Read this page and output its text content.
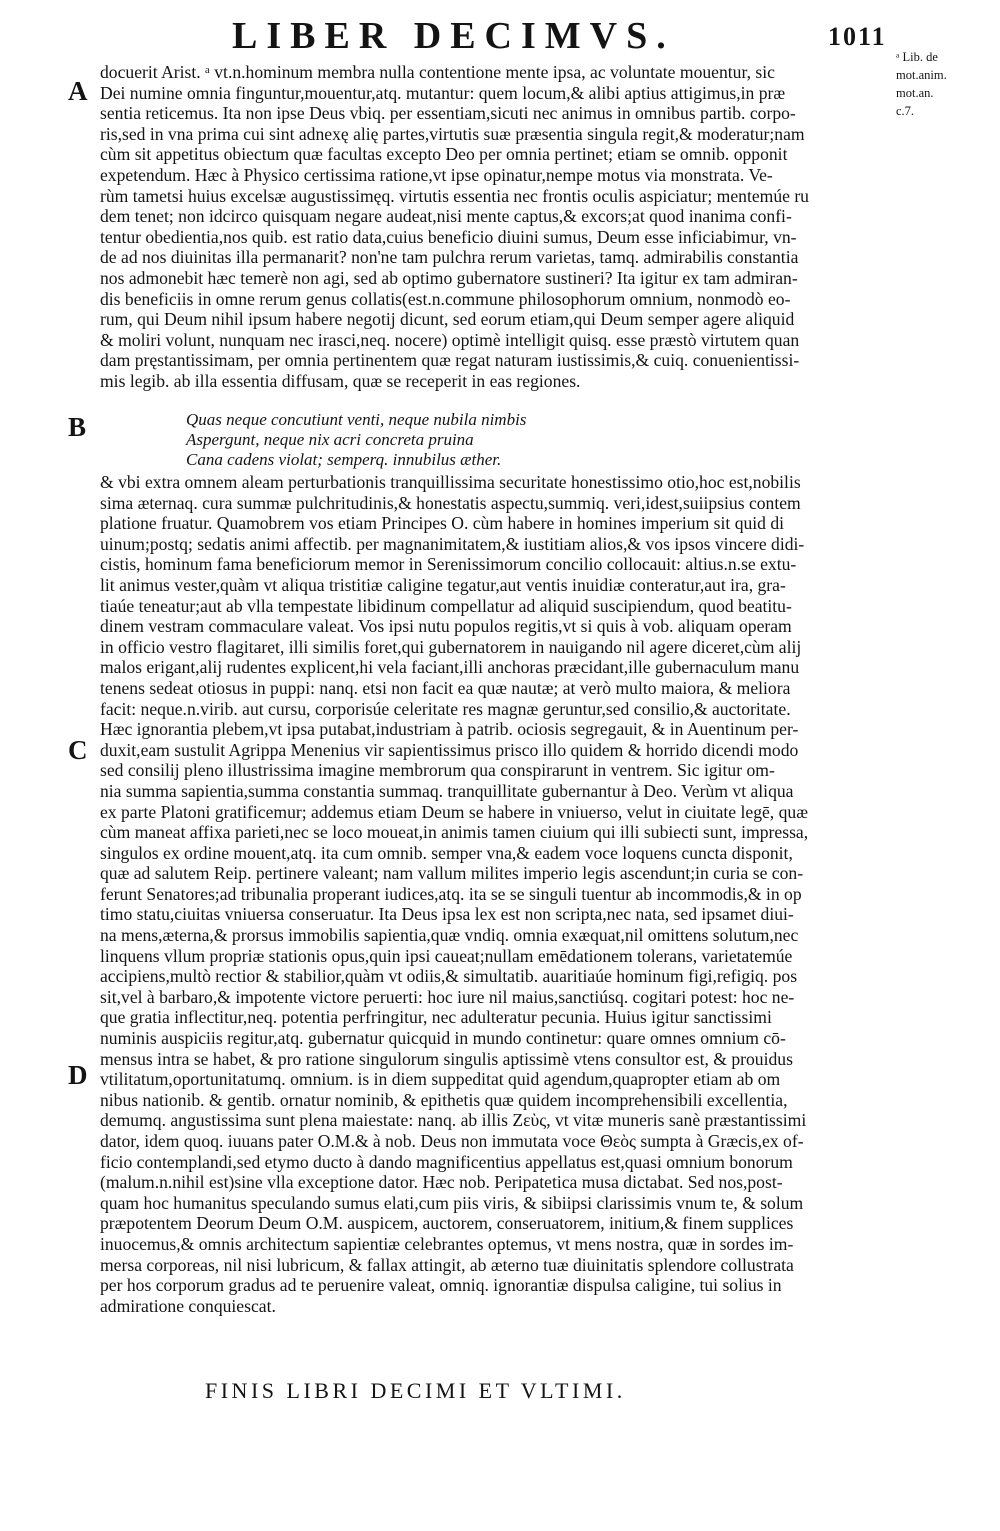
LIBER DECIMVS.	1011
ᵃ Lib. de
mot.anim.
mot.an.
c.7.
A
B
C
D
docuerit Arist. ᵃ vt.n.hominum membra nulla contentione mente ipsa, ac voluntate mouentur, sic
Dei numine omnia finguntur,mouentur,atq. mutantur: quem locum,& alibi aptius attigimus,in præ
sentia reticemus. Ita non ipse Deus vbiq. per essentiam,sicuti nec animus in omnibus partib. corpo-
ris,sed in vna prima cui sint adnexę alię partes,virtutis suæ præsentia singula regit,& moderatur;nam
cùm sit appetitus obiectum quæ facultas excepto Deo per omnia pertinet; etiam se omnib. opponit
expetendum. Hæc à Physico certissima ratione,vt ipse opinatur,nempe motus via monstrata. Ve-
rùm tametsi huius excelsæ augustissimęq. virtutis essentia nec frontis oculis aspiciatur; mentemúe ru
dem tenet; non idcirco quisquam negare audeat,nisi mente captus,& excors;at quod inanima confi-
tentur obedientia,nos quib. est ratio data,cuius beneficio diuini sumus, Deum esse inficiabimur, vn-
de ad nos diuinitas illa permanarit? non'ne tam pulchra rerum varietas, tamq. admirabilis constantia
nos admonebit hæc temerè non agi, sed ab optimo gubernatore sustineri? Ita igitur ex tam admiran-
dis beneficiis in omne rerum genus collatis(est.n.commune philosophorum omnium, nonmodò eo-
rum, qui Deum nihil ipsum habere negotij dicunt, sed eorum etiam,qui Deum semper agere aliquid
& moliri volunt, nunquam nec irasci,neq. nocere) optimè intelligit quisq. esse præstò virtutem quan
dam pręstantissimam, per omnia pertinentem quæ regat naturam iustissimis,& cuiq. conuenientissi-
mis legib. ab illa essentia diffusam, quæ se receperit in eas regiones.
Quas neque concutiunt venti, neque nubila nimbis
Aspergunt, neque nix acri concreta pruina
Cana cadens violat; semperq. innubilus æther.
& vbi extra omnem aleam perturbationis tranquillissima securitate honestissimo otio,hoc est,nobilis
sima æternaq. cura summæ pulchritudinis,& honestatis aspectu,summiq. veri,idest,suiipsius contem
platione fruatur. Quamobrem vos etiam Principes O. cùm habere in homines imperium sit quid di
uinum;postq; sedatis animi affectib. per magnanimitatem,& iustitiam alios,& vos ipsos vincere didi-
cistis, hominum fama beneficiorum memor in Serenissimorum concilio collocauit: altius.n.se extu-
lit animus vester,quàm vt aliqua tristitiæ caligine tegatur,aut ventis inuidiæ conteratur,aut ira, gra-
tiaúe teneatur;aut ab vlla tempestate libidinum compellatur ad aliquid suscipiendum, quod beatitu-
dinem vestram commaculare valeat. Vos ipsi nutu populos regitis,vt si quis à vob. aliquam operam
in officio vestro flagitaret, illi similis foret,qui gubernatorem in nauigando nil agere diceret,cùm alij
malos erigant,alij rudentes explicent,hi vela faciant,illi anchoras præcidant,ille gubernaculum manu
tenens sedeat otiosus in puppi: nanq. etsi non facit ea quæ nautæ; at verò multo maiora, & meliora
facit: neque.n.virib. aut cursu, corporisúe celeritate res magnæ geruntur,sed consilio,& auctoritate.
Hæc ignorantia plebem,vt ipsa putabat,industriam à patrib. ociosis segregauit, & in Auentinum per-
duxit,eam sustulit Agrippa Menenius vir sapientissimus prisco illo quidem & horrido dicendi modo
sed consilij pleno illustrissima imagine membrorum qua conspirarunt in ventrem. Sic igitur om-
nia summa sapientia,summa constantia summaq. tranquillitate gubernantur à Deo. Verùm vt aliqua
ex parte Platoni gratificemur; addemus etiam Deum se habere in vniuerso, velut in ciuitate legē, quæ
cùm maneat affixa parieti,nec se loco moueat,in animis tamen ciuium qui illi subiecti sunt, impressa,
singulos ex ordine mouent,atq. ita cum omnib. semper vna,& eadem voce loquens cuncta disponit,
quæ ad salutem Reip. pertinere valeant; nam vallum milites imperio legis ascendunt;in curia se con-
ferunt Senatores;ad tribunalia properant iudices,atq. ita se se singuli tuentur ab incommodis,& in op
timo statu,ciuitas vniuersa conseruatur. Ita Deus ipsa lex est non scripta,nec nata, sed ipsamet diui-
na mens,æterna,& prorsus immobilis sapientia,quæ vndiq. omnia exæquat,nil omittens solutum,nec
linquens vllum propriæ stationis opus,quin ipsi caueat;nullam emēdationem tolerans, varietatemúe
accipiens,multò rectior & stabilior,quàm vt odiis,& simultatib. auaritiaúe hominum figi,refigiq. pos
sit,vel à barbaro,& impotente victore peruerti: hoc iure nil maius,sanctiúsq. cogitari potest: hoc ne-
que gratia inflectitur,neq. potentia perfringitur, nec adulteratur pecunia. Huius igitur sanctissimi
numinis auspiciis regitur,atq. gubernatur quicquid in mundo continetur: quare omnes omnium cō-
mensus intra se habet, & pro ratione singulorum singulis aptissimè vtens consultor est, & prouidus
vtilitatum,oportunitatumq. omnium. is in diem suppeditat quid agendum,quapropter etiam ab om
nibus nationib. & gentib. ornatur nominib, & epithetis quæ quidem incomprehensibili excellentia,
demumq. angustissima sunt plena maiestate: nanq. ab illis Ζεὺς, vt vitæ muneris sanè præstantissimi
dator, idem quoq. iuuans pater O.M.& à nob. Deus non immutata voce Θεὸς sumpta à Græcis,ex of-
ficio contemplandi,sed etymo ducto à dando magnificentius appellatus est,quasi omnium bonorum
(malum.n.nihil est)sine vlla exceptione dator. Hæc nob. Peripatetica musa dictabat. Sed nos,post-
quam hoc humanitus speculando sumus elati,cum piis viris, & sibiipsi clarissimis vnum te, & solum
præpotentem Deorum Deum O.M. auspicem, auctorem, conseruatorem, initium,& finem supplices
inuocemus,& omnis architectum sapientiæ celebrantes optemus, vt mens nostra, quæ in sordes im-
mersa corporeas, nil nisi lubricum, & fallax attingit, ab æterno tuæ diuinitatis splendore collustrata
per hos corporum gradus ad te peruenire valeat, omniq. ignorantiæ dispulsa caligine, tui solius in
admiratione conquiescat.
FINIS LIBRI DECIMI ET VLTIMI.
